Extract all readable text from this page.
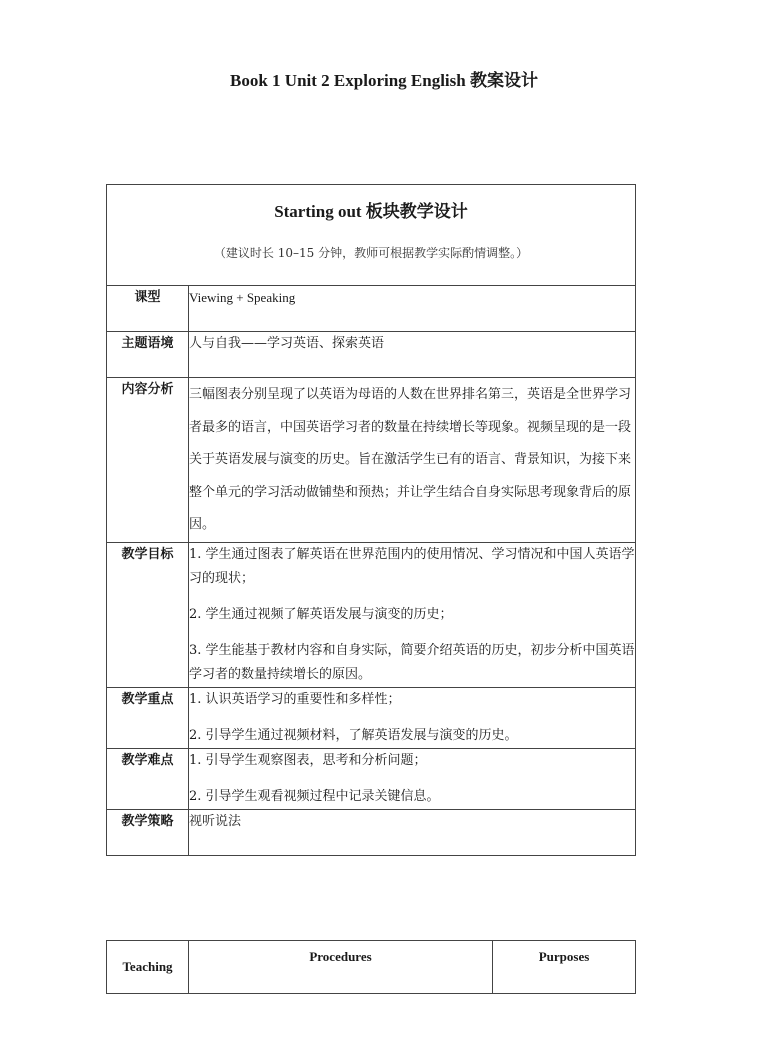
Book 1 Unit 2 Exploring English 教案设计
Starting out 板块教学设计
（建议时长 10–15 分钟，教师可根据教学实际酌情调整。）	

课型	Viewing + Speaking
主题语境	人与自我——学习英语、探索英语
内容分析	三幅图表分别呈现了以英语为母语的人数在世界排名第三，英语是全世界学习者最多的语言，中国英语学习者的数量在持续增长等现象。视频呈现的是一段关于英语发展与演变的历史。旨在激活学生已有的语言、背景知识，为接下来整个单元的学习活动做铺垫和预热；并让学生结合自身实际思考现象背后的原因。
教学目标	1. 学生通过图表了解英语在世界范围内的使用情况、学习情况和中国人英语学习的现状；

2. 学生通过视频了解英语发展与演变的历史；

3. 学生能基于教材内容和自身实际，简要介绍英语的历史，初步分析中国英语学习者的数量持续增长的原因。

教学重点	1. 认识英语学习的重要性和多样性；

2. 引导学生通过视频材料，了解英语发展与演变的历史。

教学难点	1. 引导学生观察图表，思考和分析问题；

2. 引导学生观看视频过程中记录关键信息。

教学策略	视听说法
Teaching	Procedures	Purposes
